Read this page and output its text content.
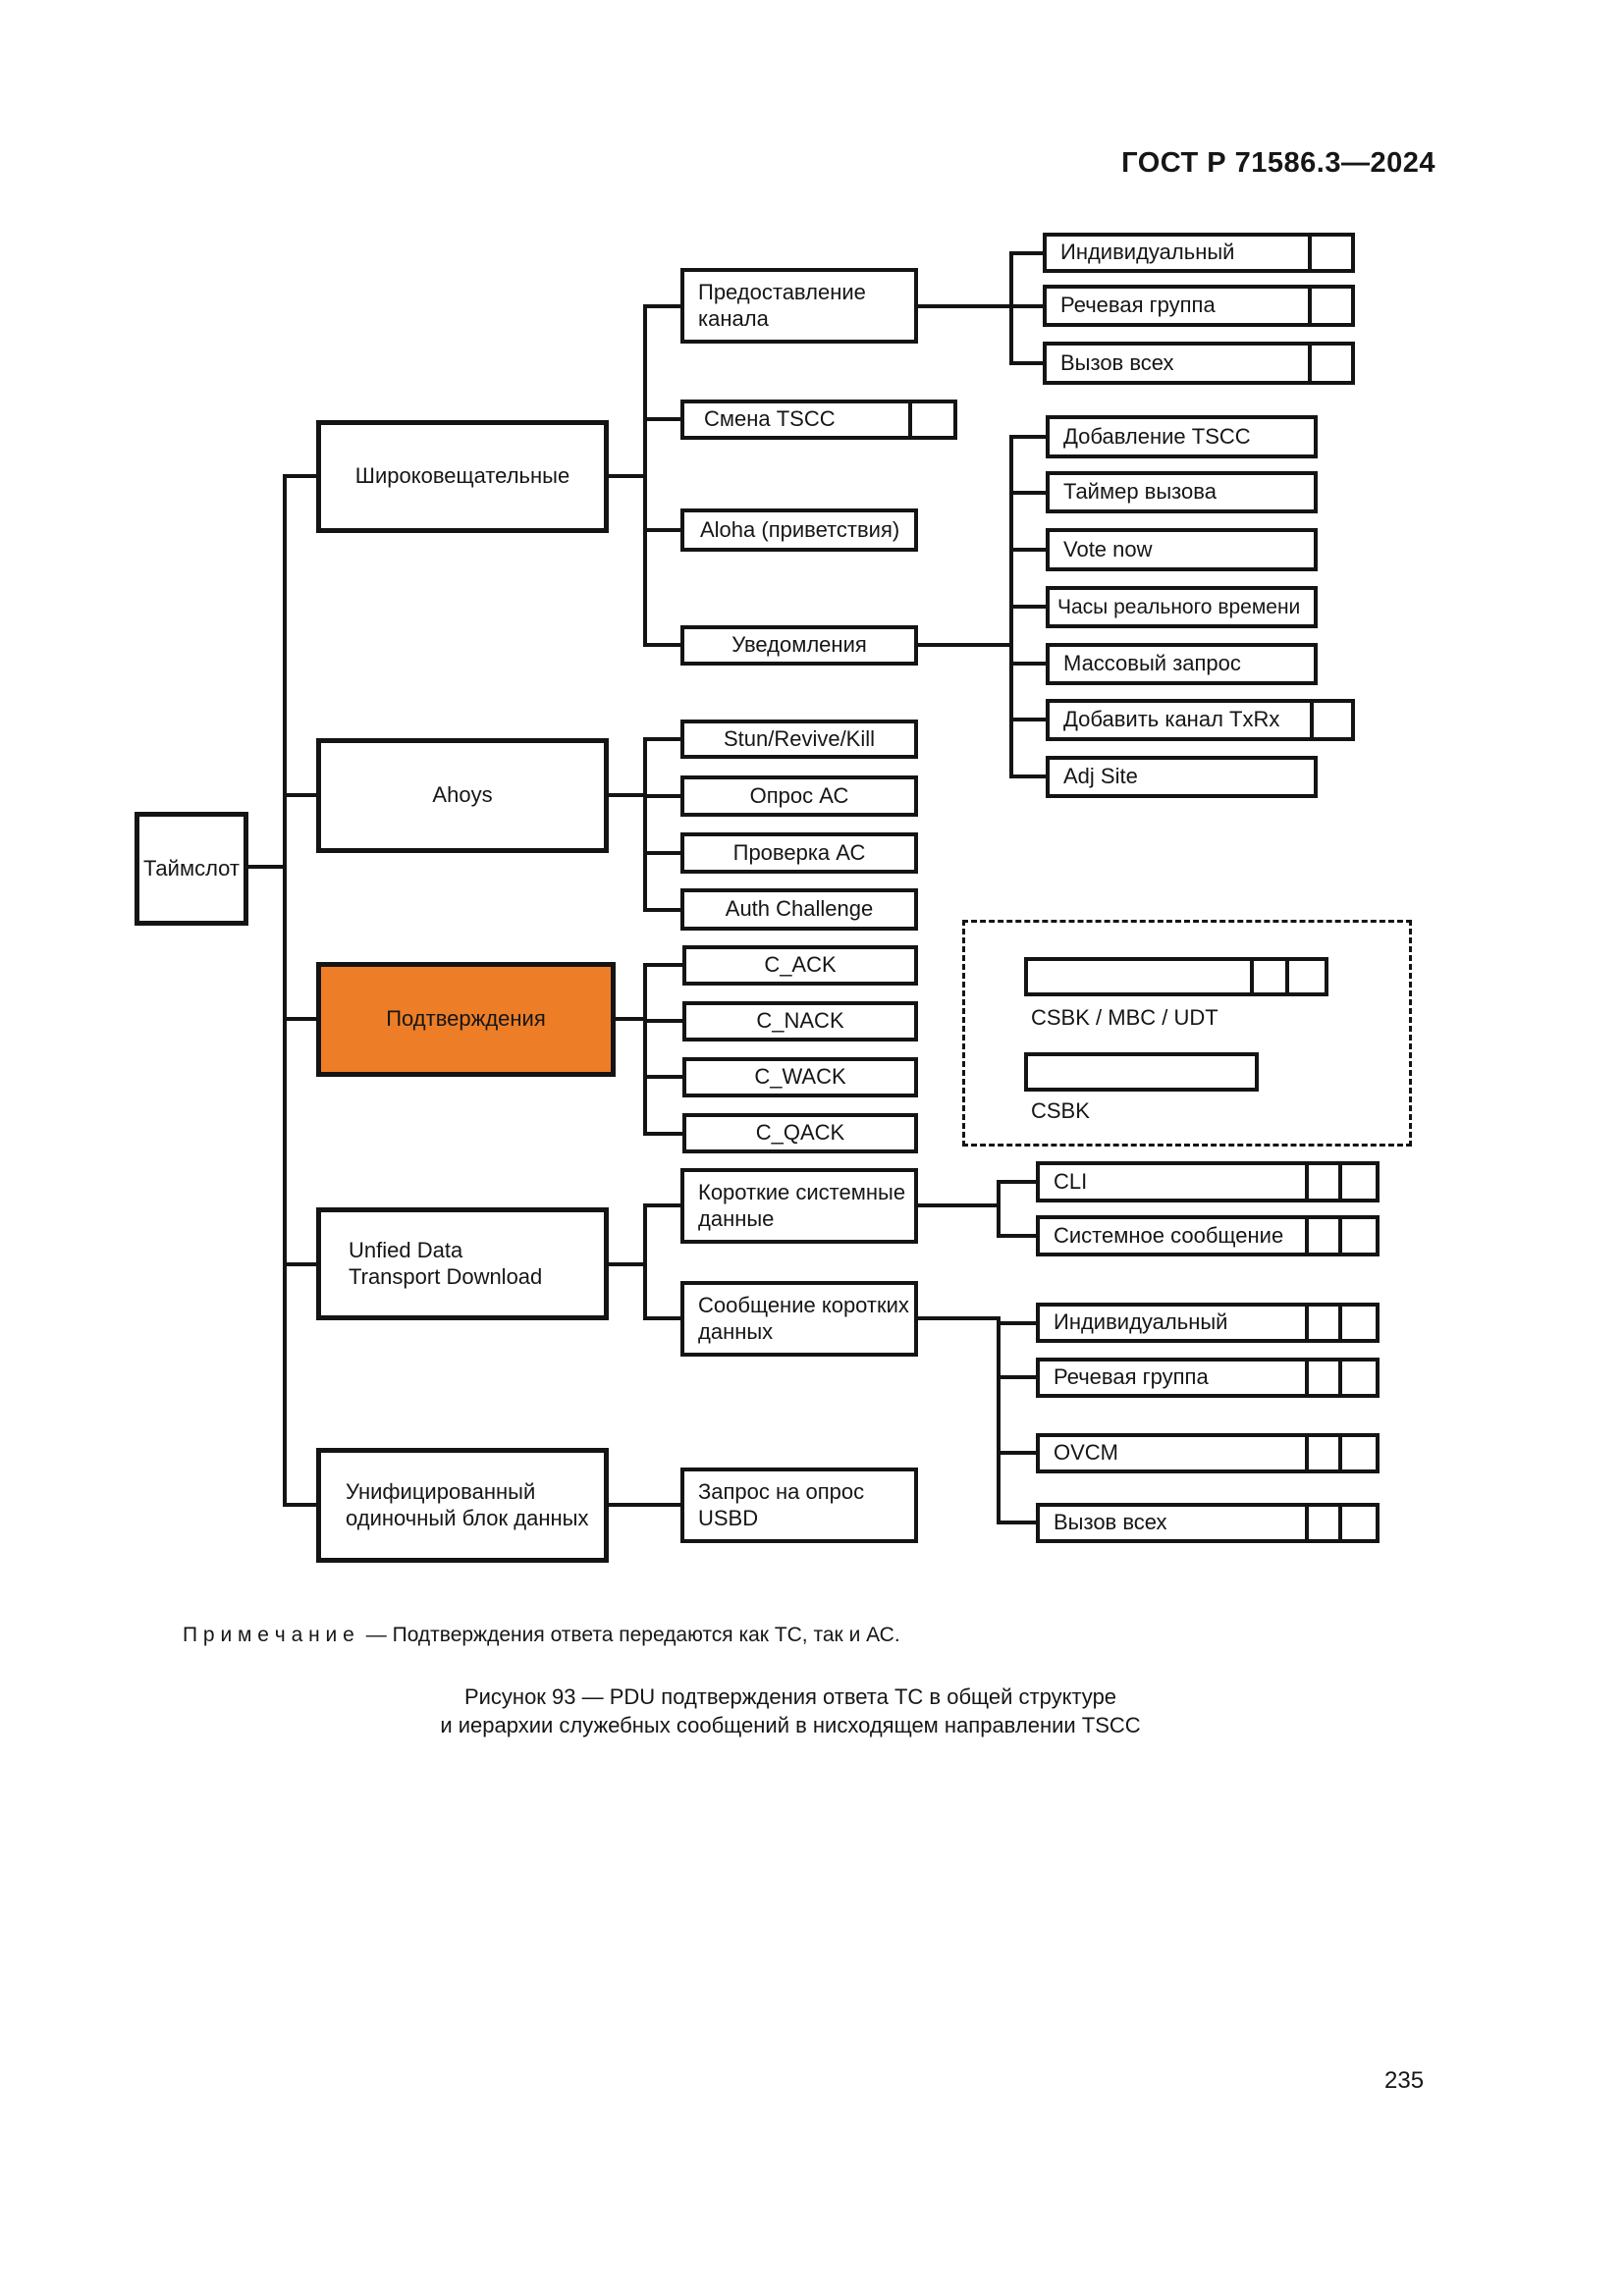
ГОСТ Р 71586.3—2024
CSBK / MBC / UDT
CSBK
Таймслот
Широковещательные
Ahoys
Подтверждения
Unfied Data
Transport Download
Унифицированный
одиночный блок данных
Предоставление
канала
Смена TSCC
Aloha (приветствия)
Уведомления
Stun/Revive/Kill
Опрос АС
Проверка АС
Auth Challenge
C_ACK
C_NACK
C_WACK
C_QACK
Короткие системные
данные
Сообщение коротких
данных
Запрос на опрос
USBD
Индивидуальный
Речевая группа
Вызов всех
Добавление TSCC
Таймер вызова
Vote now
Часы реального времени
Массовый запрос
Добавить канал TxRx
Adj Site
CLI
Системное сообщение
Индивидуальный
Речевая группа
OVCM
Вызов всех
П р и м е ч а н и е — Подтверждения ответа передаются как ТС, так и АС.
Рисунок 93 — PDU подтверждения ответа ТС в общей структуре
и иерархии служебных сообщений в нисходящем направлении TSCC
235
